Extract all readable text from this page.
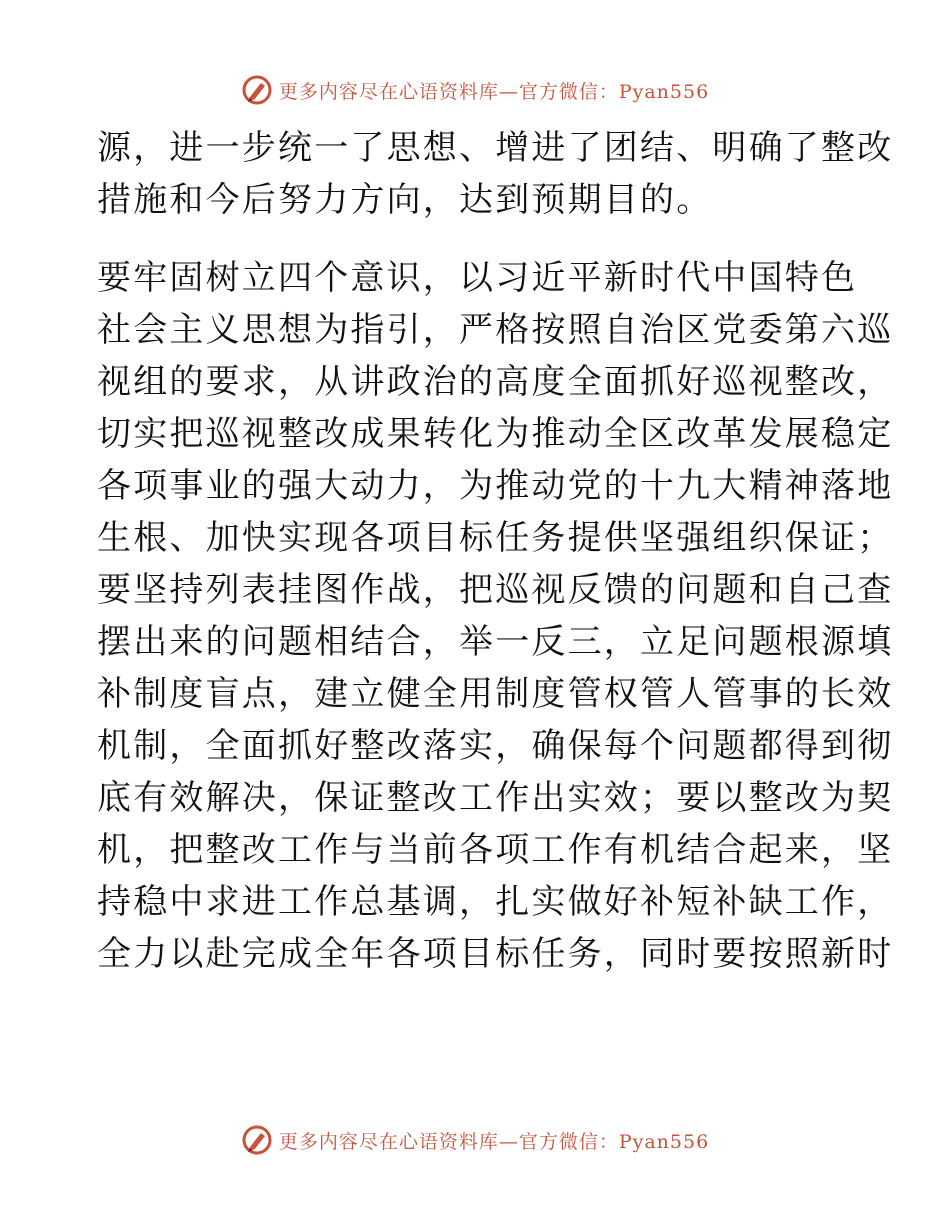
更多内容尽在心语资料库—官方微信：Pyan556

源，进一步统一了思想、增进了团结、明确了整改
措施和今后努力方向，达到预期目的。

要牢固树立四个意识，以习近平新时代中国特色
社会主义思想为指引，严格按照自治区党委第六巡
视组的要求，从讲政治的高度全面抓好巡视整改，
切实把巡视整改成果转化为推动全区改革发展稳定
各项事业的强大动力，为推动党的十九大精神落地
生根、加快实现各项目标任务提供坚强组织保证；
要坚持列表挂图作战，把巡视反馈的问题和自己查
摆出来的问题相结合，举一反三，立足问题根源填
补制度盲点，建立健全用制度管权管人管事的长效
机制，全面抓好整改落实，确保每个问题都得到彻
底有效解决，保证整改工作出实效；要以整改为契
机，把整改工作与当前各项工作有机结合起来，坚
持稳中求进工作总基调，扎实做好补短补缺工作，
全力以赴完成全年各项目标任务，同时要按照新时

更多内容尽在心语资料库—官方微信：Pyan556
